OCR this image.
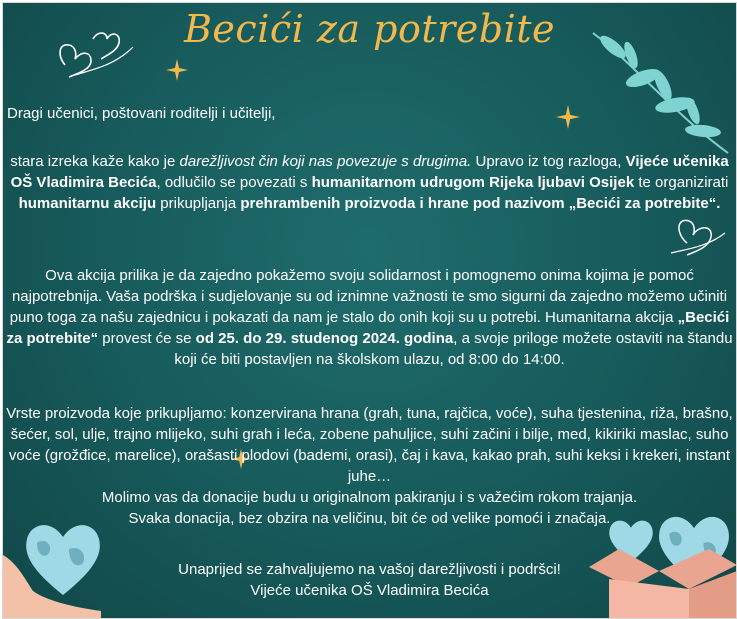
Becići za potrebite
Dragi učenici, poštovani roditelji i učitelji,
stara izreka kaže kako je darežljivost čin koji nas povezuje s drugima. Upravo iz tog razloga, Vijeće učenika OŠ Vladimira Becića, odlučilo se povezati s humanitarnom udrugom Rijeka ljubavi Osijek te organizirati humanitarnu akciju prikupljanja prehrambenih proizvoda i hrane pod nazivom „Becići za potrebite“.
Ova akcija prilika je da zajedno pokažemo svoju solidarnost i pomognemo onima kojima je pomoć najpotrebnija. Vaša podrška i sudjelovanje su od iznimne važnosti te smo sigurni da zajedno možemo učiniti puno toga za našu zajednicu i pokazati da nam je stalo do onih koji su u potrebi. Humanitarna akcija „Becići za potrebite“ provest će se od 25. do 29. studenog 2024. godina, a svoje priloge možete ostaviti na štandu koji će biti postavljen na školskom ulazu, od 8:00 do 14:00.
Vrste proizvoda koje prikupljamo: konzervirana hrana (grah, tuna, rajčica, voće), suha tjestenina, riža, brašno, šećer, sol, ulje, trajno mlijeko, suhi grah i leća, zobene pahuljice, suhi začini i bilje, med, kikiriki maslac, suho voće (grožđice, marelice), orašasti plodovi (bademi, orasi), čaj i kava, kakao prah, suhi keksi i krekeri, instant juhe…
Molimo vas da donacije budu u originalnom pakiranju i s važećim rokom trajanja.
Svaka donacija, bez obzira na veličinu, bit će od velike pomoći i značaja.
Unaprijed se zahvaljujemo na vašoj darežljivosti i podršci!
Vijeće učenika OŠ Vladimira Becića
